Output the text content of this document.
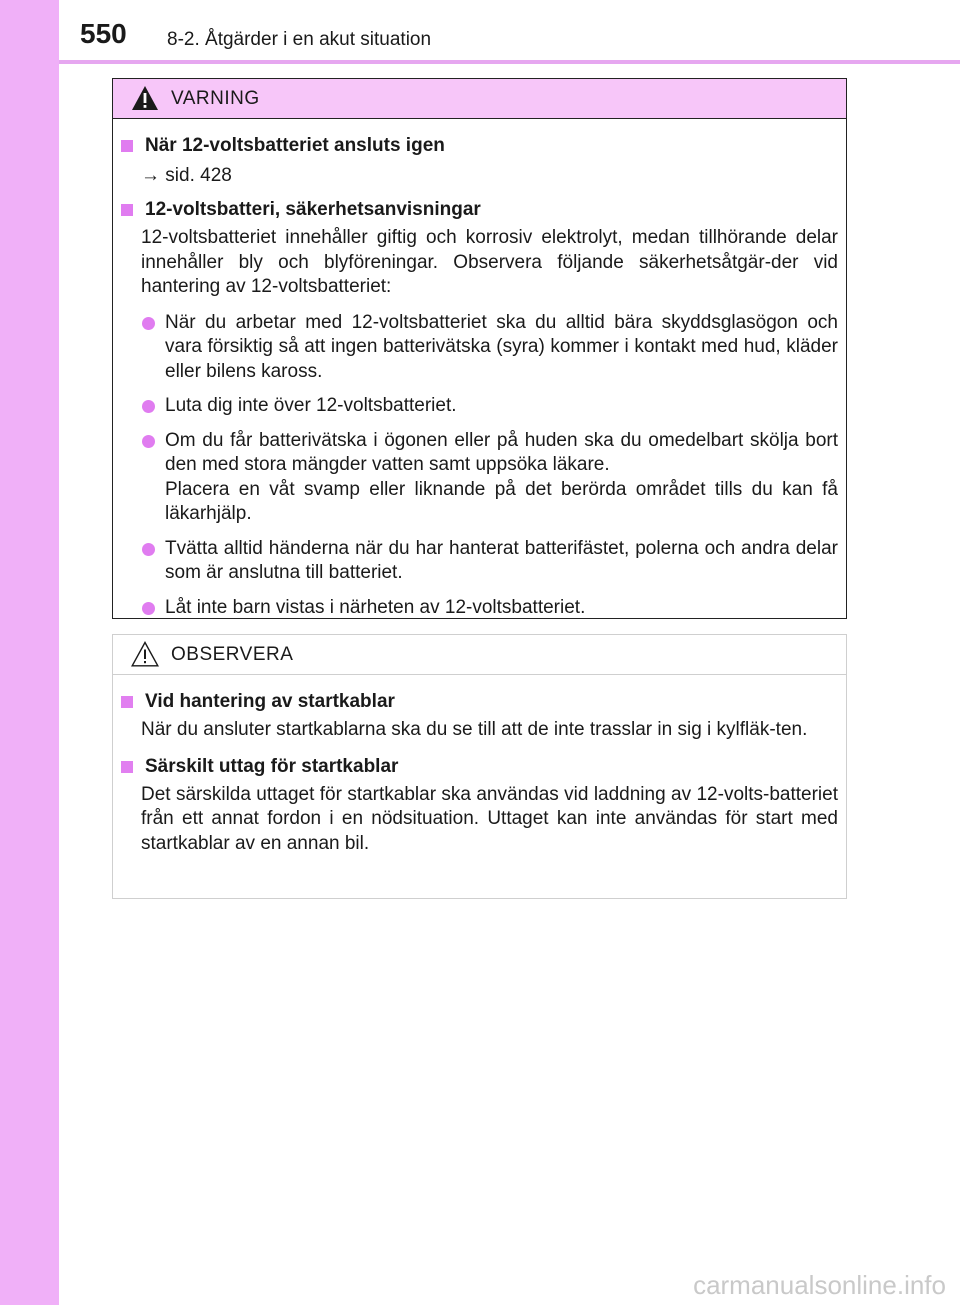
550 8-2. Åtgärder i en akut situation
VARNING
När 12-voltsbatteriet ansluts igen
→ sid. 428
12-voltsbatteri, säkerhetsanvisningar
12-voltsbatteriet innehåller giftig och korrosiv elektrolyt, medan tillhörande delar innehåller bly och blyföreningar. Observera följande säkerhetsåtgär-der vid hantering av 12-voltsbatteriet:
När du arbetar med 12-voltsbatteriet ska du alltid bära skyddsglasögon och vara försiktig så att ingen batterivätska (syra) kommer i kontakt med hud, kläder eller bilens kaross.
Luta dig inte över 12-voltsbatteriet.
Om du får batterivätska i ögonen eller på huden ska du omedelbart skölja bort den med stora mängder vatten samt uppsöka läkare.
Placera en våt svamp eller liknande på det berörda området tills du kan få läkarhjälp.
Tvätta alltid händerna när du har hanterat batterifästet, polerna och andra delar som är anslutna till batteriet.
Låt inte barn vistas i närheten av 12-voltsbatteriet.
OBSERVERA
Vid hantering av startkablar
När du ansluter startkablarna ska du se till att de inte trasslar in sig i kylfläk-ten.
Särskilt uttag för startkablar
Det särskilda uttaget för startkablar ska användas vid laddning av 12-volts-batteriet från ett annat fordon i en nödsituation. Uttaget kan inte användas för start med startkablar av en annan bil.
carmanualsonline.info
